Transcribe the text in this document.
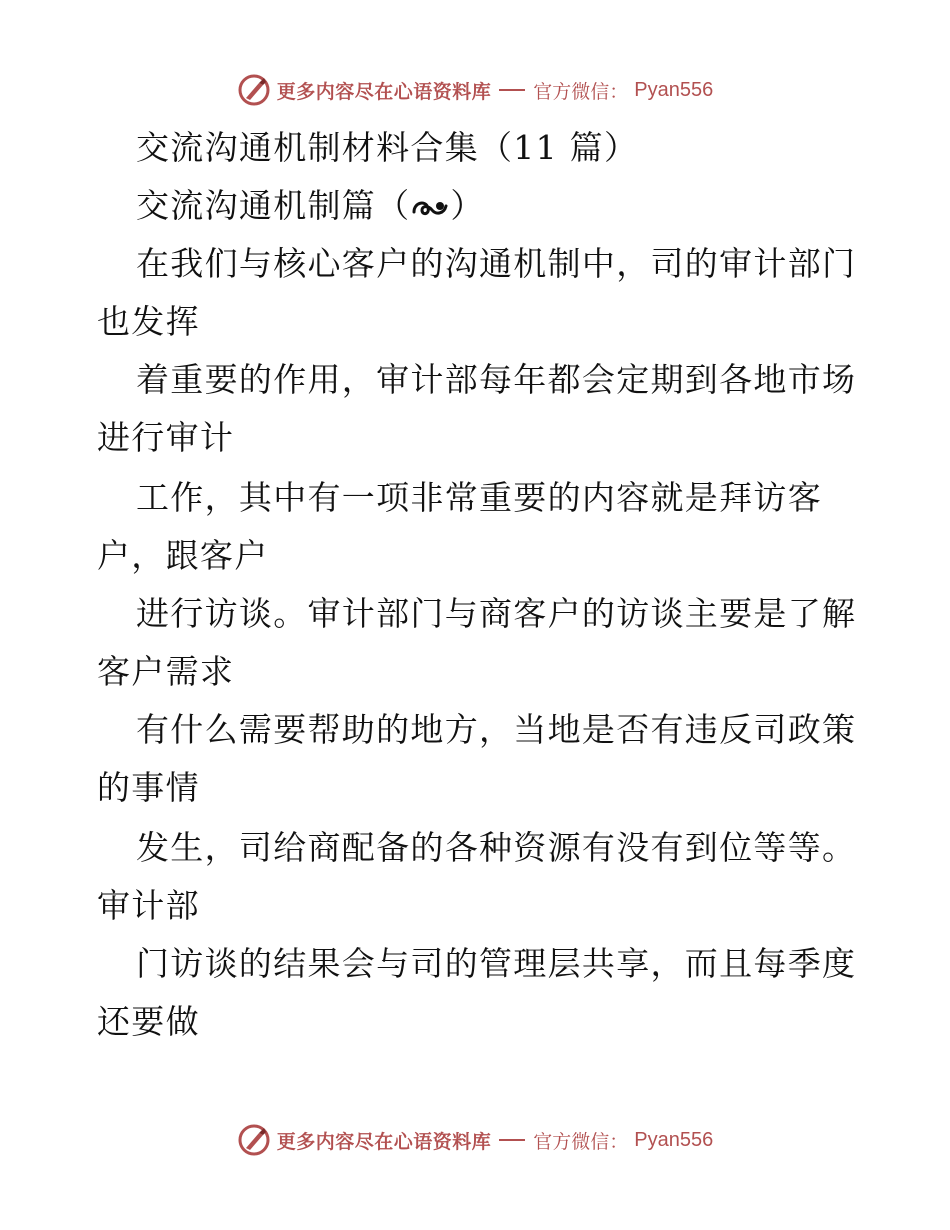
更多内容尽在心语资料库 官方微信： Pyan556
交流沟通机制材料合集（11 篇）
交流沟通机制篇（ ）
在我们与核心客户的沟通机制中，司的审计部门
也发挥
着重要的作用，审计部每年都会定期到各地市场
进行审计
工作，其中有一项非常重要的内容就是拜访客
户，跟客户
进行访谈。审计部门与商客户的访谈主要是了解
客户需求
有什么需要帮助的地方，当地是否有违反司政策
的事情
发生，司给商配备的各种资源有没有到位等等。
审计部
门访谈的结果会与司的管理层共享，而且每季度
还要做
更多内容尽在心语资料库 官方微信： Pyan556
